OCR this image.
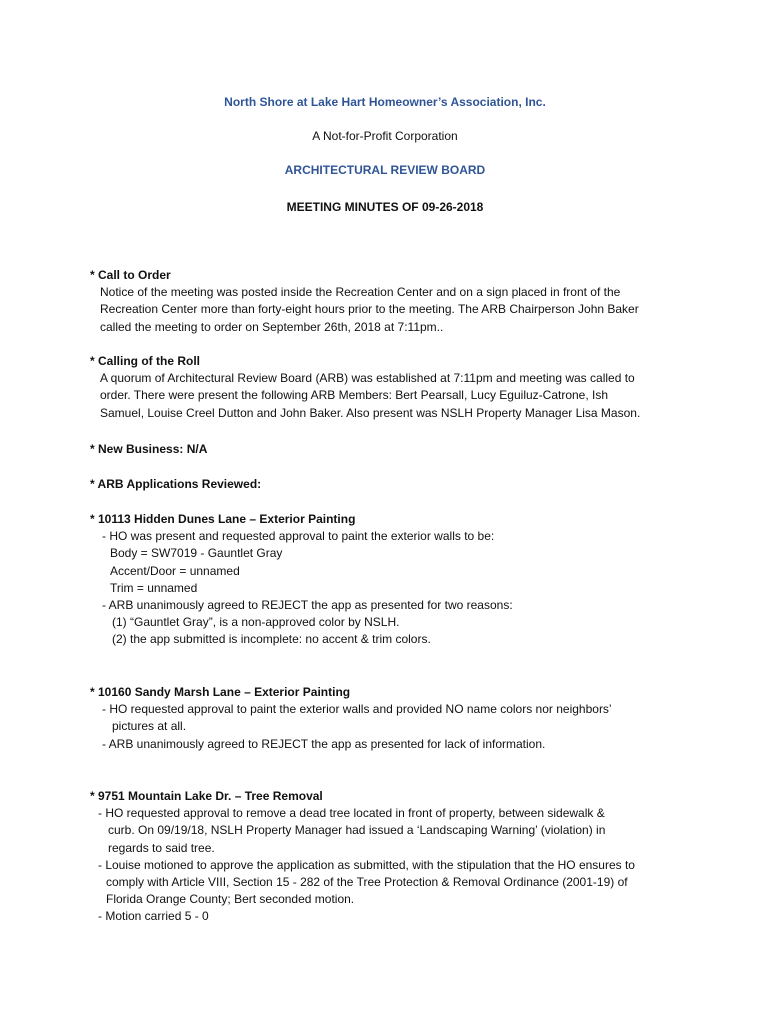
North Shore at Lake Hart Homeowner’s Association, Inc.
A Not-for-Profit Corporation
ARCHITECTURAL REVIEW BOARD
MEETING MINUTES OF 09-26-2018
* Call to Order
Notice of the meeting was posted inside the Recreation Center and on a sign placed in front of the
Recreation Center more than forty-eight hours prior to the meeting. The ARB Chairperson John Baker
called the meeting to order on September 26th, 2018 at 7:11pm..
* Calling of the Roll
A quorum of Architectural Review Board (ARB) was established at 7:11pm and meeting was called to
order. There were present the following ARB Members: Bert Pearsall, Lucy Eguiluz-Catrone, Ish
Samuel, Louise Creel Dutton and John Baker. Also present was NSLH Property Manager Lisa Mason.
* New Business: N/A
* ARB Applications Reviewed:
* 10113 Hidden Dunes Lane – Exterior Painting
- HO was present and requested approval to paint the exterior walls to be:
Body = SW7019 - Gauntlet Gray
Accent/Door = unnamed
Trim = unnamed
- ARB unanimously agreed to REJECT the app as presented for two reasons:
(1) “Gauntlet Gray”, is a non-approved color by NSLH.
(2) the app submitted is incomplete: no accent & trim colors.
* 10160 Sandy Marsh Lane – Exterior Painting
- HO requested approval to paint the exterior walls and provided NO name colors nor neighbors’
pictures at all.
- ARB unanimously agreed to REJECT the app as presented for lack of information.
* 9751 Mountain Lake Dr. – Tree Removal
- HO requested approval to remove a dead tree located in front of property, between sidewalk &
curb. On 09/19/18, NSLH Property Manager had issued a ‘Landscaping Warning’ (violation) in
regards to said tree.
- Louise motioned to approve the application as submitted, with the stipulation that the HO ensures to
comply with Article VIII, Section 15 - 282 of the Tree Protection & Removal Ordinance (2001-19) of
Florida Orange County; Bert seconded motion.
- Motion carried 5 - 0
